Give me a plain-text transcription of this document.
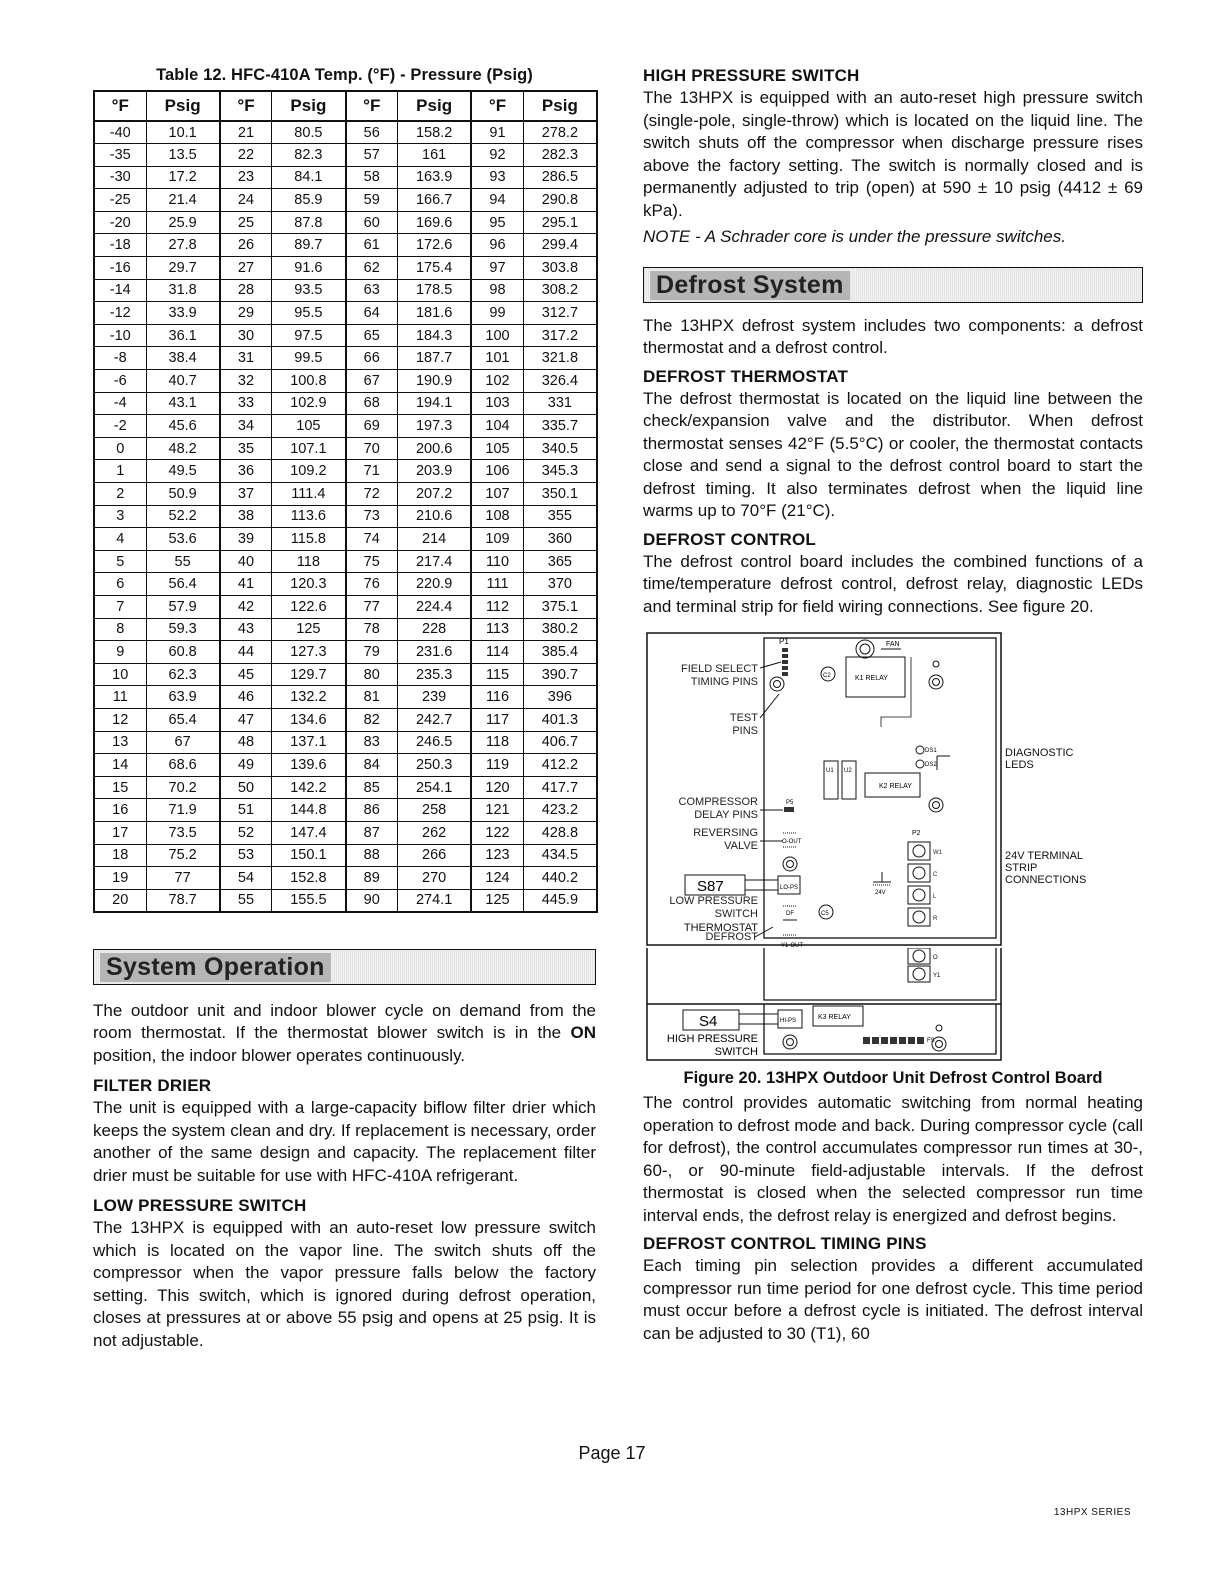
Table 12. HFC-410A Temp. (°F) - Pressure (Psig)
°F	Psig	°F	Psig	°F	Psig	°F	Psig
-40	10.1	21	80.5	56	158.2	91	278.2
-35	13.5	22	82.3	57	161	92	282.3
-30	17.2	23	84.1	58	163.9	93	286.5
-25	21.4	24	85.9	59	166.7	94	290.8
-20	25.9	25	87.8	60	169.6	95	295.1
-18	27.8	26	89.7	61	172.6	96	299.4
-16	29.7	27	91.6	62	175.4	97	303.8
-14	31.8	28	93.5	63	178.5	98	308.2
-12	33.9	29	95.5	64	181.6	99	312.7
-10	36.1	30	97.5	65	184.3	100	317.2
-8	38.4	31	99.5	66	187.7	101	321.8
-6	40.7	32	100.8	67	190.9	102	326.4
-4	43.1	33	102.9	68	194.1	103	331
-2	45.6	34	105	69	197.3	104	335.7
0	48.2	35	107.1	70	200.6	105	340.5
1	49.5	36	109.2	71	203.9	106	345.3
2	50.9	37	111.4	72	207.2	107	350.1
3	52.2	38	113.6	73	210.6	108	355
4	53.6	39	115.8	74	214	109	360
5	55	40	118	75	217.4	110	365
6	56.4	41	120.3	76	220.9	111	370
7	57.9	42	122.6	77	224.4	112	375.1
8	59.3	43	125	78	228	113	380.2
9	60.8	44	127.3	79	231.6	114	385.4
10	62.3	45	129.7	80	235.3	115	390.7
11	63.9	46	132.2	81	239	116	396
12	65.4	47	134.6	82	242.7	117	401.3
13	67	48	137.1	83	246.5	118	406.7
14	68.6	49	139.6	84	250.3	119	412.2
15	70.2	50	142.2	85	254.1	120	417.7
16	71.9	51	144.8	86	258	121	423.2
17	73.5	52	147.4	87	262	122	428.8
18	75.2	53	150.1	88	266	123	434.5
19	77	54	152.8	89	270	124	440.2
20	78.7	55	155.5	90	274.1	125	445.9
System Operation

The outdoor unit and indoor blower cycle on demand from the room thermostat. If the thermostat blower switch is in the ON position, the indoor blower operates continuously.

FILTER DRIER

The unit is equipped with a large-capacity biflow filter drier which keeps the system clean and dry. If replacement is necessary, order another of the same design and capacity. The replacement filter drier must be suitable for use with HFC-410A refrigerant.

LOW PRESSURE SWITCH

The 13HPX is equipped with an auto-reset low pressure switch which is located on the vapor line. The switch shuts off the compressor when the vapor pressure falls below the factory setting. This switch, which is ignored during defrost operation, closes at pressures at or above 55 psig and opens at 25 psig. It is not adjustable.

HIGH PRESSURE SWITCH

The 13HPX is equipped with an auto-reset high pressure switch (single-pole, single-throw) which is located on the liquid line. The switch shuts off the compressor when discharge pressure rises above the factory setting. The switch is normally closed and is permanently adjusted to trip (open) at 590 ± 10 psig (4412 ± 69 kPa).

NOTE - A Schrader core is under the pressure switches.

Defrost System

The 13HPX defrost system includes two components: a defrost thermostat and a defrost control.

DEFROST THERMOSTAT

The defrost thermostat is located on the liquid line between the check/expansion valve and the distributor. When defrost thermostat senses 42°F (5.5°C) or cooler, the thermostat contacts close and send a signal to the defrost control board to start the defrost timing. It also terminates defrost when the liquid line warms up to 70°F (21°C).

DEFROST CONTROL

The defrost control board includes the combined functions of a time/temperature defrost control, defrost relay, diagnostic LEDs and terminal strip for field wiring connections. See figure 20.

FIELD SELECT
TIMING PINS
TEST
PINS
COMPRESSOR
DELAY PINS
REVERSING
VALVE
LOW PRESSURE
SWITCH
DEFROST
P1	FAN
C2	K1 RELAY
DS1
DS2
U1 U2
K2 RELAY
P5
O-OUT
S87	LO-PS
DF	C5
Y1-OUT
24V
P2
W1
C
L
R
DIAGNOSTIC
LEDS
24V TERMINAL
STRIP
CONNECTIONS
THERMOSTAT
O
Y1
S4	HI-PS	K3 RELAY
FS
HIGH PRESSURE
SWITCH
Figure 20. 13HPX Outdoor Unit Defrost Control Board

The control provides automatic switching from normal heating operation to defrost mode and back. During compressor cycle (call for defrost), the control accumulates compressor run times at 30-, 60-, or 90-minute field-adjustable intervals. If the defrost thermostat is closed when the selected compressor run time interval ends, the defrost relay is energized and defrost begins.

DEFROST CONTROL TIMING PINS

Each timing pin selection provides a different accumulated compressor run time period for one defrost cycle. This time period must occur before a defrost cycle is initiated. The defrost interval can be adjusted to 30 (T1), 60

Page 17
13HPX SERIES
